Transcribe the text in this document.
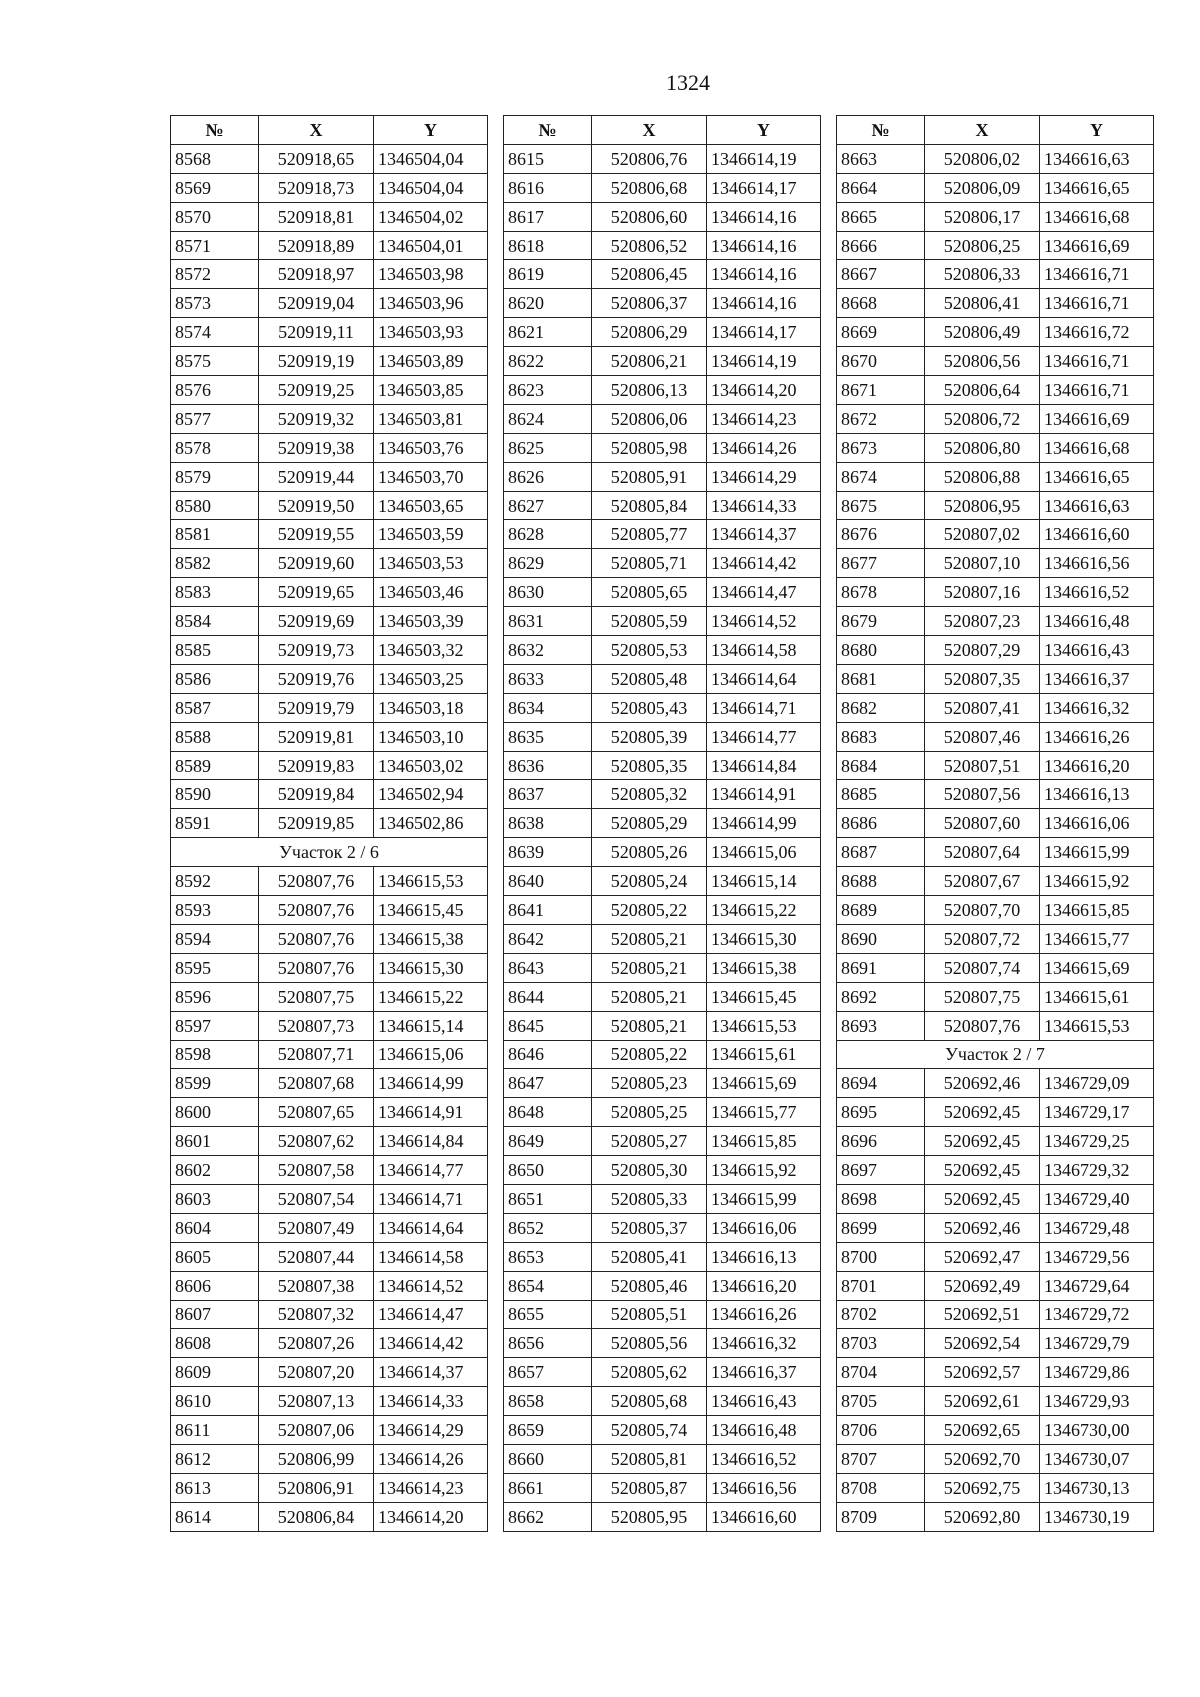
1324
№	X	Y
8568	520918,65	1346504,04
8569	520918,73	1346504,04
8570	520918,81	1346504,02
8571	520918,89	1346504,01
8572	520918,97	1346503,98
8573	520919,04	1346503,96
8574	520919,11	1346503,93
8575	520919,19	1346503,89
8576	520919,25	1346503,85
8577	520919,32	1346503,81
8578	520919,38	1346503,76
8579	520919,44	1346503,70
8580	520919,50	1346503,65
8581	520919,55	1346503,59
8582	520919,60	1346503,53
8583	520919,65	1346503,46
8584	520919,69	1346503,39
8585	520919,73	1346503,32
8586	520919,76	1346503,25
8587	520919,79	1346503,18
8588	520919,81	1346503,10
8589	520919,83	1346503,02
8590	520919,84	1346502,94
8591	520919,85	1346502,86
Участок 2 / 6		
8592	520807,76	1346615,53
8593	520807,76	1346615,45
8594	520807,76	1346615,38
8595	520807,76	1346615,30
8596	520807,75	1346615,22
8597	520807,73	1346615,14
8598	520807,71	1346615,06
8599	520807,68	1346614,99
8600	520807,65	1346614,91
8601	520807,62	1346614,84
8602	520807,58	1346614,77
8603	520807,54	1346614,71
8604	520807,49	1346614,64
8605	520807,44	1346614,58
8606	520807,38	1346614,52
8607	520807,32	1346614,47
8608	520807,26	1346614,42
8609	520807,20	1346614,37
8610	520807,13	1346614,33
8611	520807,06	1346614,29
8612	520806,99	1346614,26
8613	520806,91	1346614,23
8614	520806,84	1346614,20
№	X	Y
8615	520806,76	1346614,19
8616	520806,68	1346614,17
8617	520806,60	1346614,16
8618	520806,52	1346614,16
8619	520806,45	1346614,16
8620	520806,37	1346614,16
8621	520806,29	1346614,17
8622	520806,21	1346614,19
8623	520806,13	1346614,20
8624	520806,06	1346614,23
8625	520805,98	1346614,26
8626	520805,91	1346614,29
8627	520805,84	1346614,33
8628	520805,77	1346614,37
8629	520805,71	1346614,42
8630	520805,65	1346614,47
8631	520805,59	1346614,52
8632	520805,53	1346614,58
8633	520805,48	1346614,64
8634	520805,43	1346614,71
8635	520805,39	1346614,77
8636	520805,35	1346614,84
8637	520805,32	1346614,91
8638	520805,29	1346614,99
8639	520805,26	1346615,06
8640	520805,24	1346615,14
8641	520805,22	1346615,22
8642	520805,21	1346615,30
8643	520805,21	1346615,38
8644	520805,21	1346615,45
8645	520805,21	1346615,53
8646	520805,22	1346615,61
8647	520805,23	1346615,69
8648	520805,25	1346615,77
8649	520805,27	1346615,85
8650	520805,30	1346615,92
8651	520805,33	1346615,99
8652	520805,37	1346616,06
8653	520805,41	1346616,13
8654	520805,46	1346616,20
8655	520805,51	1346616,26
8656	520805,56	1346616,32
8657	520805,62	1346616,37
8658	520805,68	1346616,43
8659	520805,74	1346616,48
8660	520805,81	1346616,52
8661	520805,87	1346616,56
8662	520805,95	1346616,60
№	X	Y
8663	520806,02	1346616,63
8664	520806,09	1346616,65
8665	520806,17	1346616,68
8666	520806,25	1346616,69
8667	520806,33	1346616,71
8668	520806,41	1346616,71
8669	520806,49	1346616,72
8670	520806,56	1346616,71
8671	520806,64	1346616,71
8672	520806,72	1346616,69
8673	520806,80	1346616,68
8674	520806,88	1346616,65
8675	520806,95	1346616,63
8676	520807,02	1346616,60
8677	520807,10	1346616,56
8678	520807,16	1346616,52
8679	520807,23	1346616,48
8680	520807,29	1346616,43
8681	520807,35	1346616,37
8682	520807,41	1346616,32
8683	520807,46	1346616,26
8684	520807,51	1346616,20
8685	520807,56	1346616,13
8686	520807,60	1346616,06
8687	520807,64	1346615,99
8688	520807,67	1346615,92
8689	520807,70	1346615,85
8690	520807,72	1346615,77
8691	520807,74	1346615,69
8692	520807,75	1346615,61
8693	520807,76	1346615,53
Участок 2 / 7		
8694	520692,46	1346729,09
8695	520692,45	1346729,17
8696	520692,45	1346729,25
8697	520692,45	1346729,32
8698	520692,45	1346729,40
8699	520692,46	1346729,48
8700	520692,47	1346729,56
8701	520692,49	1346729,64
8702	520692,51	1346729,72
8703	520692,54	1346729,79
8704	520692,57	1346729,86
8705	520692,61	1346729,93
8706	520692,65	1346730,00
8707	520692,70	1346730,07
8708	520692,75	1346730,13
8709	520692,80	1346730,19
